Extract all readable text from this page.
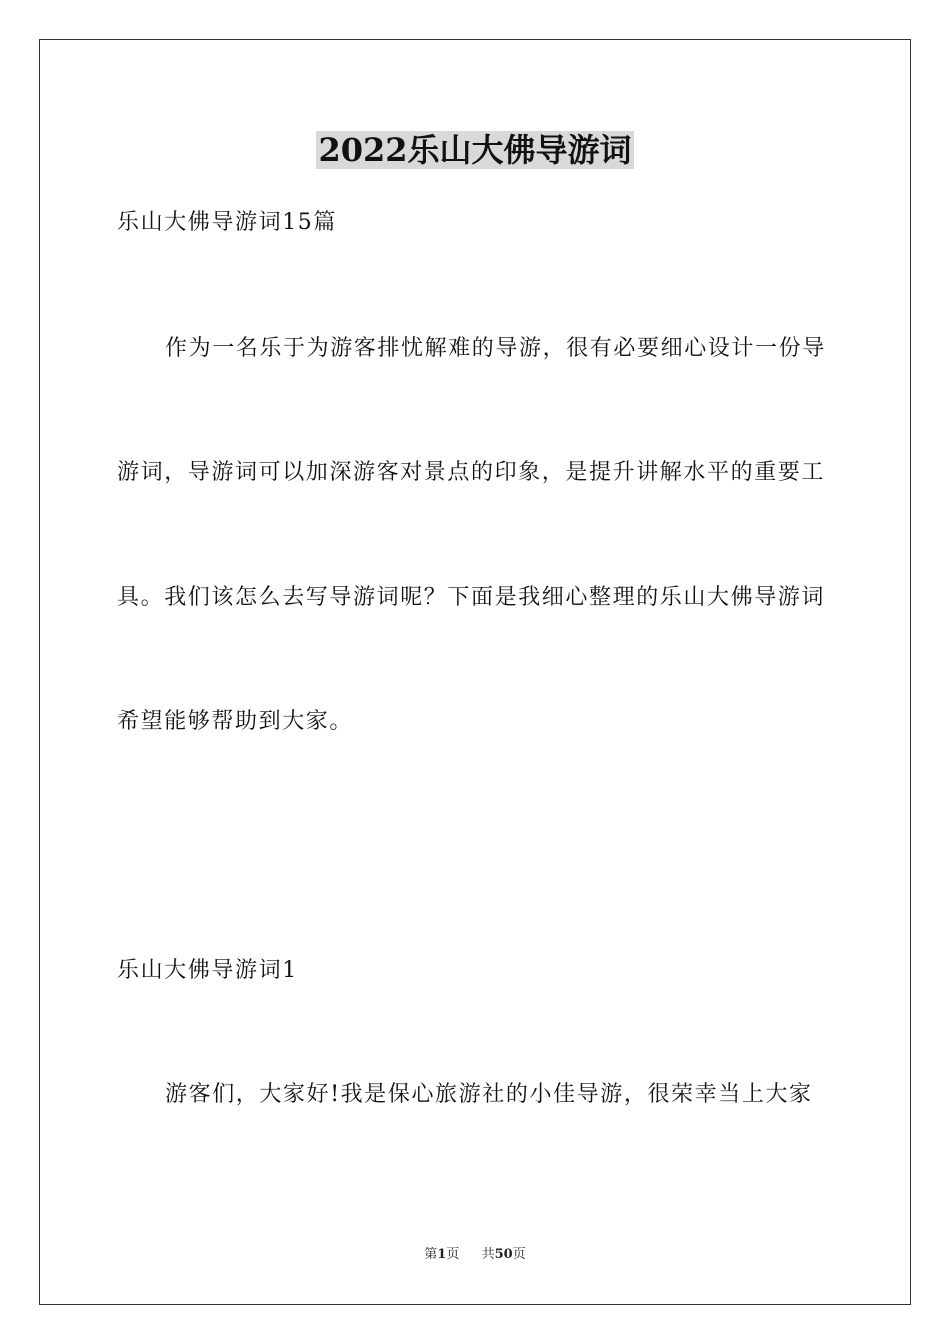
2022乐山大佛导游词
乐山大佛导游词15篇
作为一名乐于为游客排忧解难的导游，很有必要细心设计一份导
游词，导游词可以加深游客对景点的印象，是提升讲解水平的重要工
具。我们该怎么去写导游词呢？下面是我细心整理的乐山大佛导游词
希望能够帮助到大家。
乐山大佛导游词1
游客们，大家好!我是保心旅游社的小佳导游，很荣幸当上大家
第1页 共50页
